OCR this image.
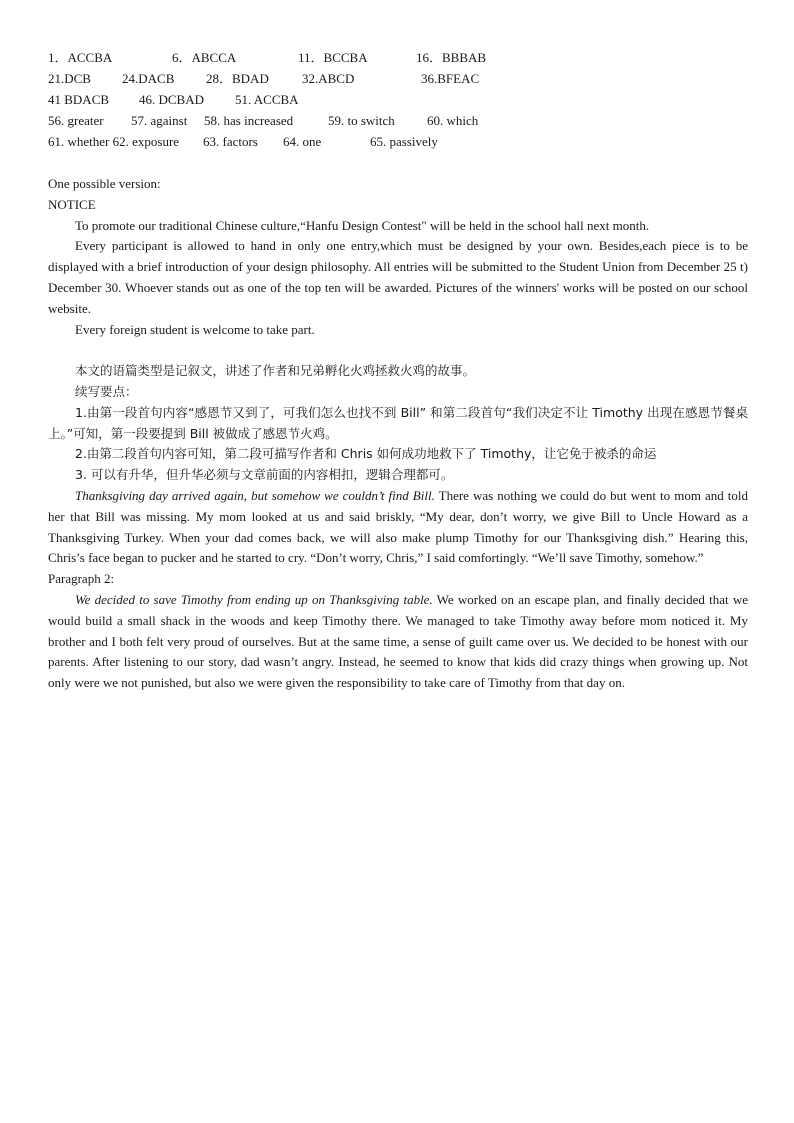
1．ACCBA	6．ABCCA	11．BCCBA	16．BBBAB
21.DCB 24.DACB 28．BDAD	32.ABCD	36.BFEAC
41 BDACB 46. DCBAD 51. ACCBA
56. greater 57. against 58. has increased	59. to switch 60. which
61. whether 62. exposure 63. factors 64. one	65. passively

One possible version:

NOTICE

To promote our traditional Chinese culture,“Hanfu Design Contest" will be held in the school hall next month.

Every participant is allowed to hand in only one entry,which must be designed by your own. Besides,each piece is to be displayed with a brief introduction of your design philosophy. All entries will be submitted to the Student Union from December 25 t) December 30. Whoever stands out as one of the top ten will be awarded. Pictures of the winners' works will be posted on our school website.

Every foreign student is welcome to take part.

本文的语篇类型是记叙文，讲述了作者和兄弟孵化火鸡拯救火鸡的故事。

续写要点：

1.由第一段首句内容“感恩节又到了，可我们怎么也找不到 Bill” 和第二段首句“我们决定不让 Timothy 出现在感恩节餐桌上。”可知，第一段要提到 Bill 被做成了感恩节火鸡。

2.由第二段首句内容可知，第二段可描写作者和 Chris 如何成功地救下了 Timothy，让它免于被杀的命运

3. 可以有升华，但升华必须与文章前面的内容相扣，逻辑合理都可。

Thanksgiving day arrived again, but somehow we couldn’t find Bill. There was nothing we could do but went to mom and told her that Bill was missing. My mom looked at us and said briskly, “My dear, don’t worry, we give Bill to Uncle Howard as a Thanksgiving Turkey. When your dad comes back, we will also make plump Timothy for our Thanksgiving dish.” Hearing this, Chris’s face began to pucker and he started to cry. “Don’t worry, Chris,” I said comfortingly. “We’ll save Timothy, somehow.”

Paragraph 2:

We decided to save Timothy from ending up on Thanksgiving table. We worked on an escape plan, and finally decided that we would build a small shack in the woods and keep Timothy there. We managed to take Timothy away before mom noticed it. My brother and I both felt very proud of ourselves. But at the same time, a sense of guilt came over us. We decided to be honest with our parents. After listening to our story, dad wasn’t angry. Instead, he seemed to know that kids did crazy things when growing up. Not only were we not punished, but also we were given the responsibility to take care of Timothy from that day on.
